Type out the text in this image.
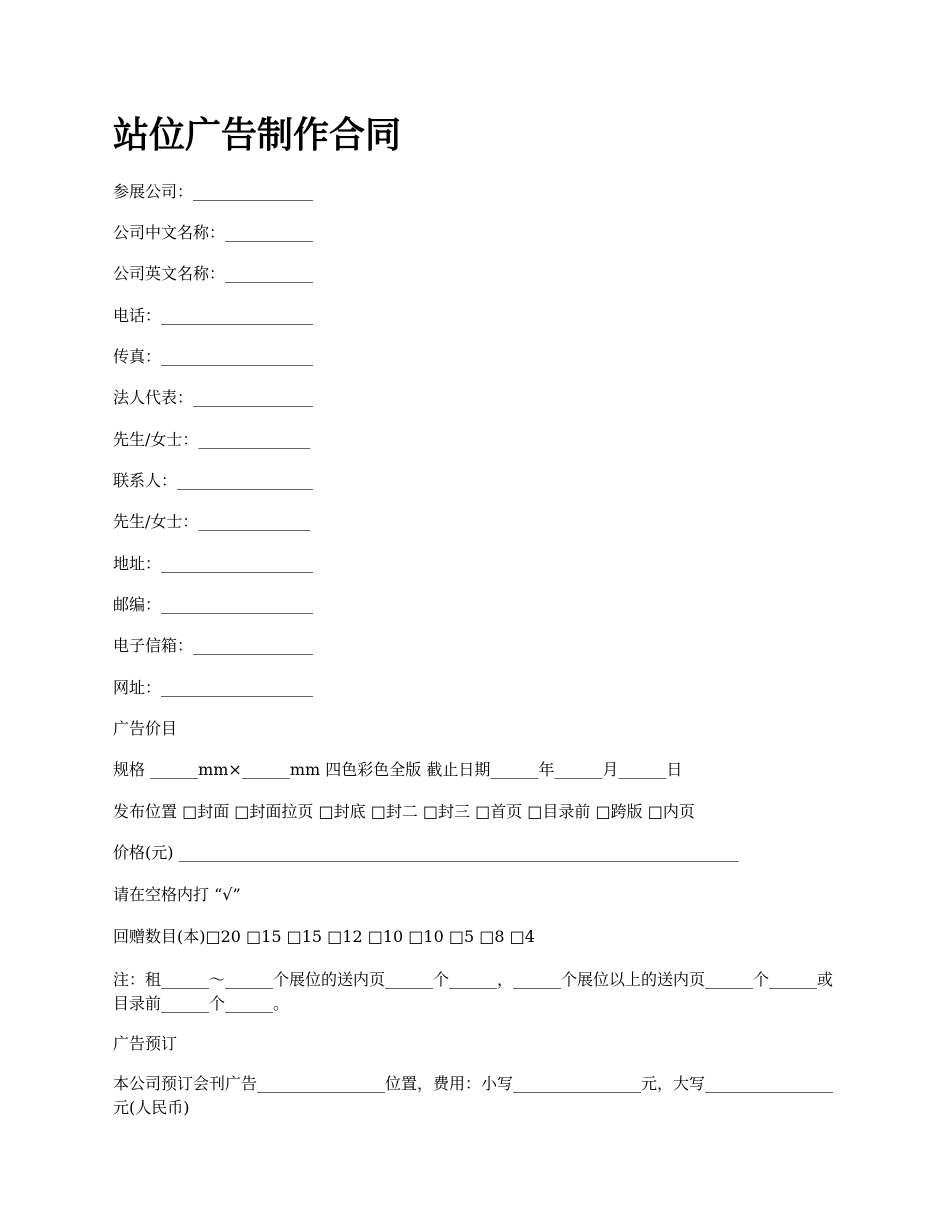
站位广告制作合同

参展公司：_______________

公司中文名称：___________

公司英文名称：___________

电话：___________________

传真：___________________

法人代表：_______________

先生/女士：______________

联系人：_________________

先生/女士：______________

地址：___________________

邮编：___________________

电子信箱：_______________

网址：___________________

广告价目

规格 ______mm×______mm 四色彩色全版 截止日期______年______月______日

发布位置 □封面 □封面拉页 □封底 □封二 □封三 □首页 □目录前 □跨版 □内页

价格(元) ______________________________________________________________________

请在空格内打 “√”

回赠数目(本)□20 □15 □15 □12 □10 □10 □5 □8 □4

注：租______～______个展位的送内页______个______，______个展位以上的送内页______个______或目录前______个______。

广告预订

本公司预订会刊广告________________位置，费用：小写________________元，大写________________元(人民币)
